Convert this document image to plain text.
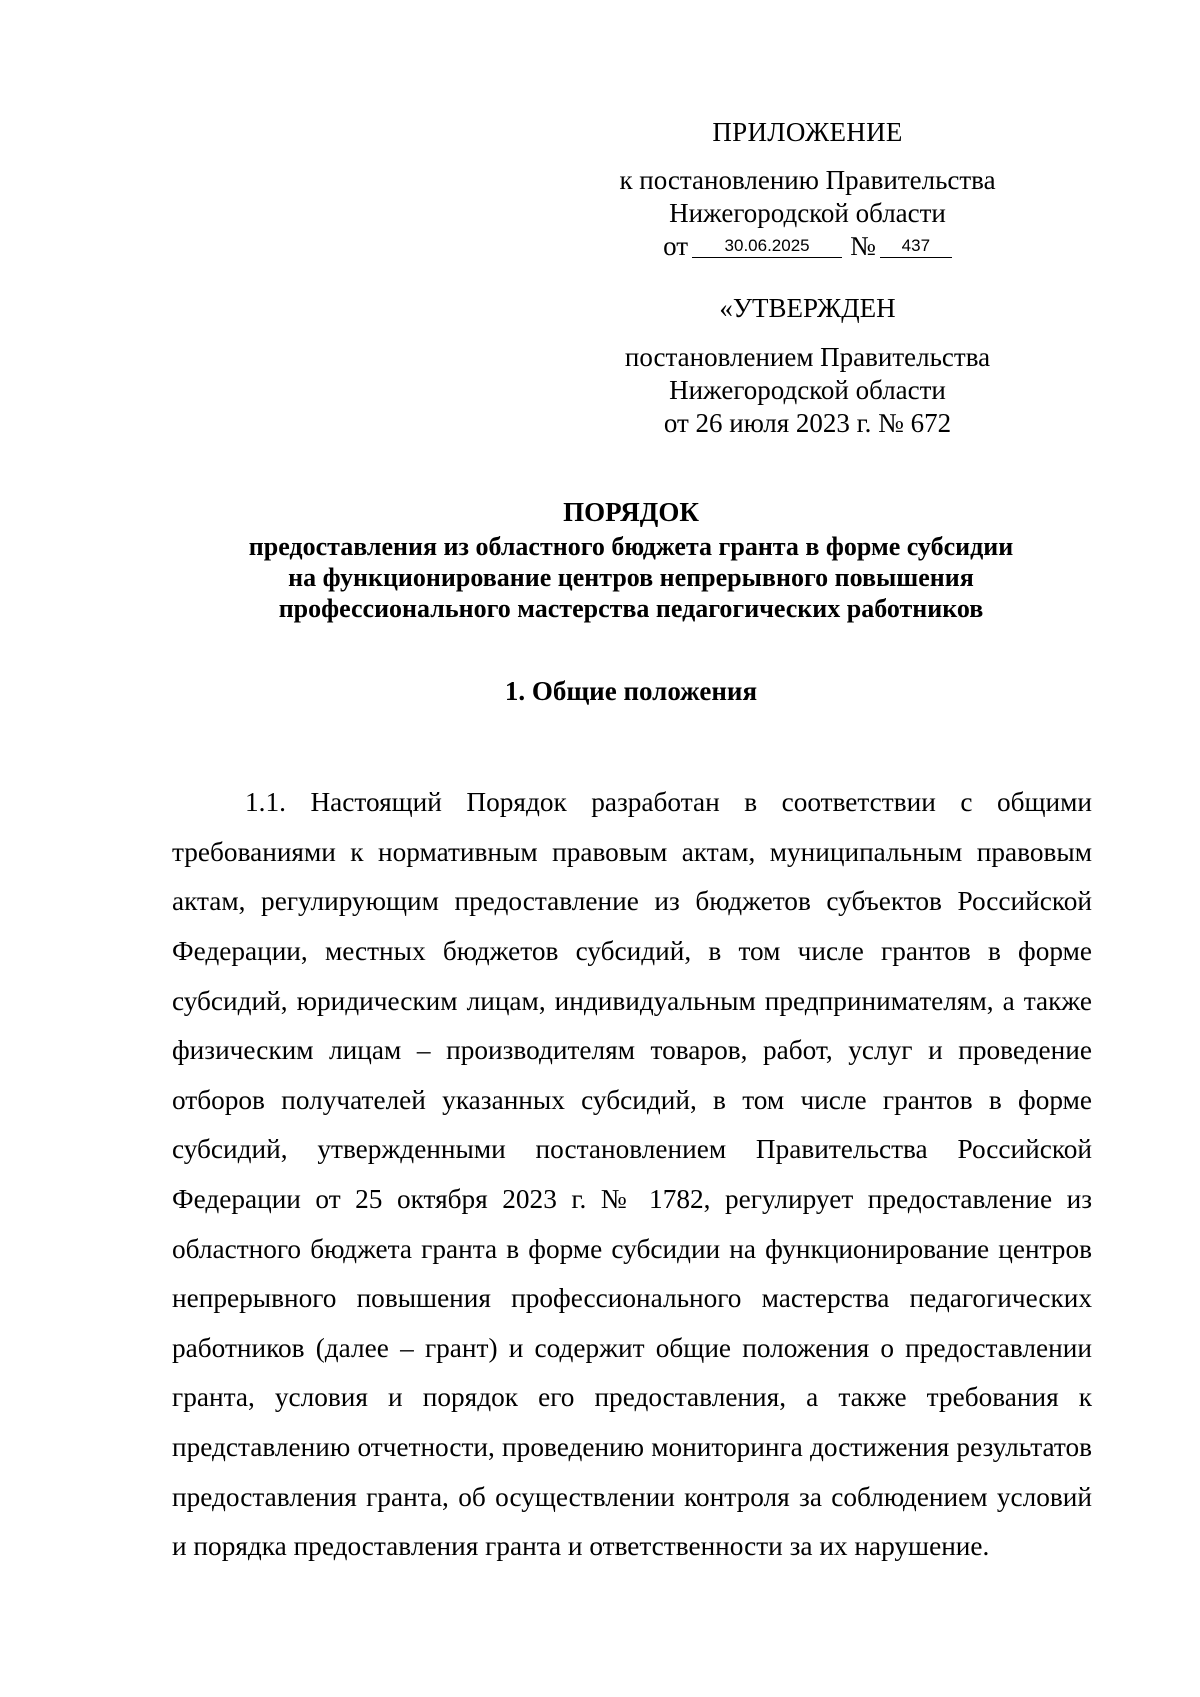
ПРИЛОЖЕНИЕ
к постановлению Правительства
Нижегородской области
от 30.06.2025 № 437
«УТВЕРЖДЕН
постановлением Правительства
Нижегородской области
от 26 июля 2023 г. № 672
ПОРЯДОК
предоставления из областного бюджета гранта в форме субсидии
на функционирование центров непрерывного повышения
профессионального мастерства педагогических работников
1. Общие положения

1.1. Настоящий Порядок разработан в соответствии с общими требованиями к нормативным правовым актам, муниципальным правовым актам, регулирующим предоставление из бюджетов субъектов Российской Федерации, местных бюджетов субсидий, в том числе грантов в форме субсидий, юридическим лицам, индивидуальным предпринимателям, а также физическим лицам – производителям товаров, работ, услуг и проведение отборов получателей указанных субсидий, в том числе грантов в форме субсидий, утвержденными постановлением Правительства Российской Федерации от 25 октября 2023 г. № 1782, регулирует предоставление из областного бюджета гранта в форме субсидии на функционирование центров непрерывного повышения профессионального мастерства педагогических работников (далее – грант) и содержит общие положения о предоставлении гранта, условия и порядок его предоставления, а также требования к представлению отчетности, проведению мониторинга достижения результатов предоставления гранта, об осуществлении контроля за соблюдением условий и порядка предоставления гранта и ответственности за их нарушение.
